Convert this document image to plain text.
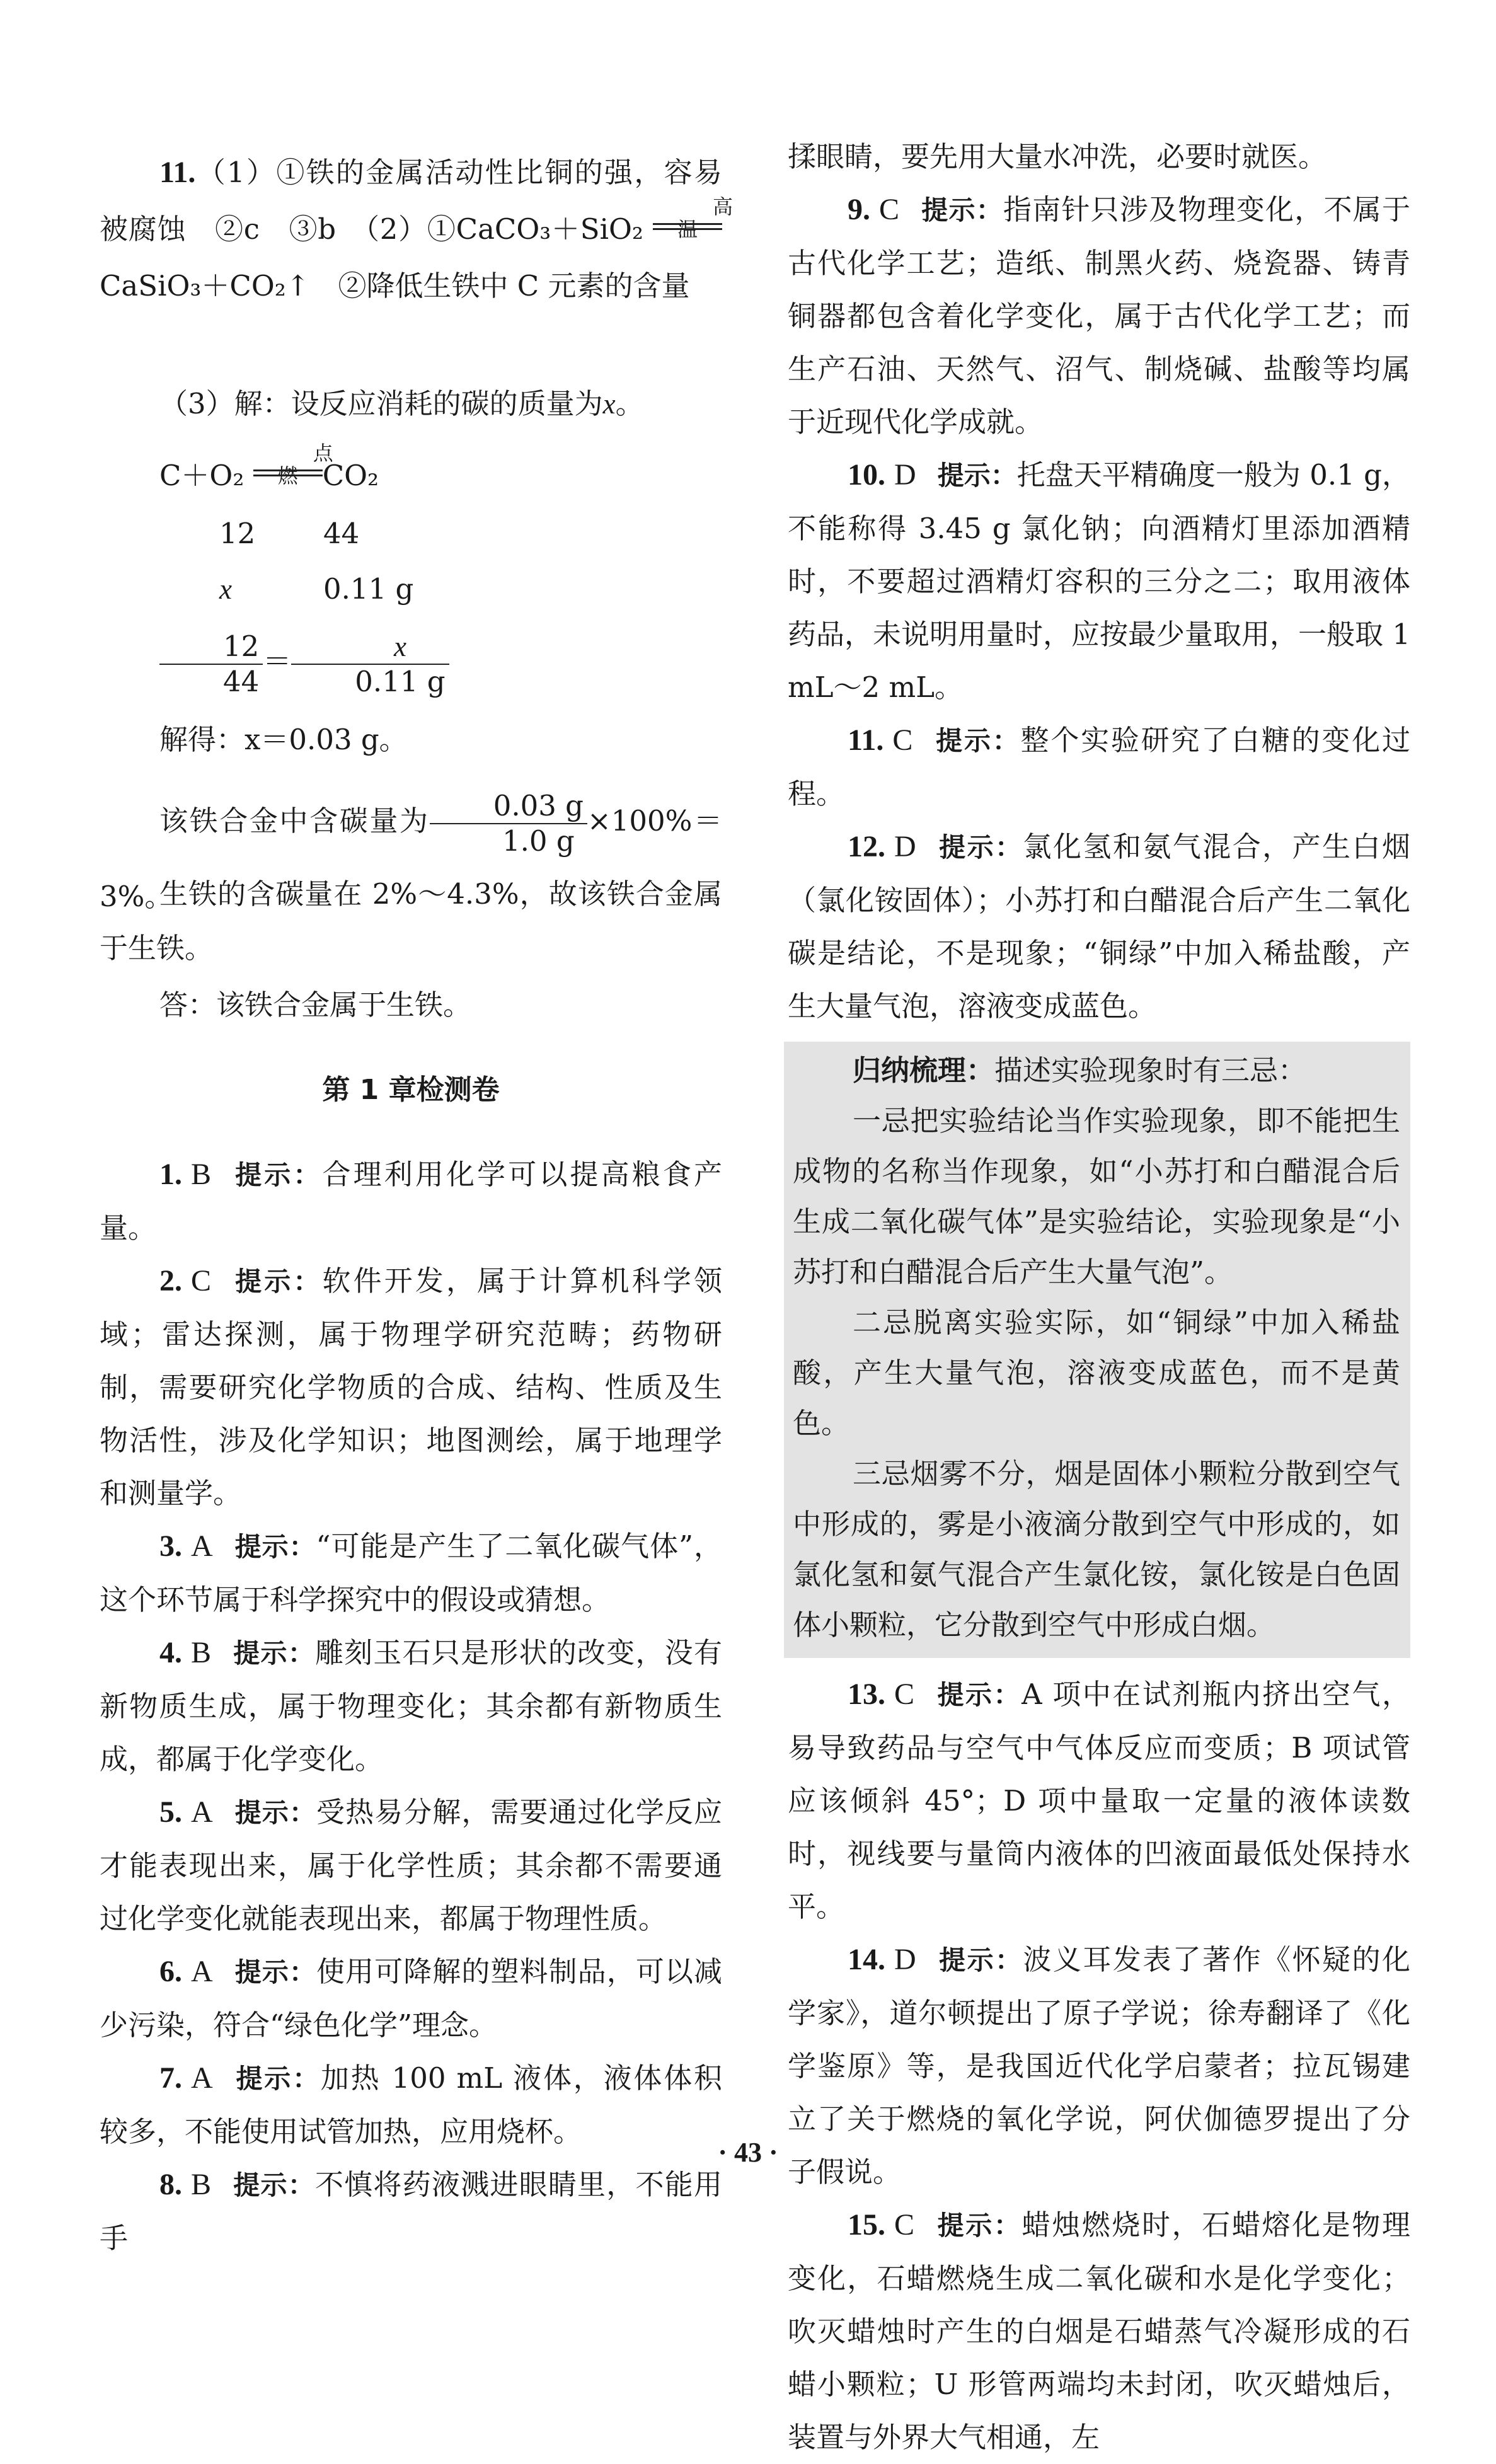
11.（1）①铁的金属活动性比铜的强，容易被腐蚀　②c　③b　（2）①CaCO₃＋SiO₂
高温
CaSiO₃＋CO₂↑　②降低生铁中 C 元素的含量

（3）解：设反应消耗的碳的质量为x。

C＋O₂
点燃 CO₂

12 44

x	0.11 g

$\frac{12}{44} = \frac{x}{0.11 g}$

解得：x＝0.03 g。

该铁合金中含碳量为 $\frac{0.03 g}{1.0 g} \times 100\%=3\%$。

生铁的含碳量在 2%～4.3%，故该铁合金属于生铁。

答：该铁合金属于生铁。

第 1 章检测卷

1. B 提示：合理利用化学可以提高粮食产量。

2. C 提示：软件开发，属于计算机科学领域；雷达探测，属于物理学研究范畴；药物研制，需要研究化学物质的合成、结构、性质及生物活性，涉及化学知识；地图测绘，属于地理学和测量学。

3. A 提示：“可能是产生了二氧化碳气体”，这个环节属于科学探究中的假设或猜想。

4. B 提示：雕刻玉石只是形状的改变，没有新物质生成，属于物理变化；其余都有新物质生成，都属于化学变化。

5. A 提示：受热易分解，需要通过化学反应才能表现出来，属于化学性质；其余都不需要通过化学变化就能表现出来，都属于物理性质。

6. A 提示：使用可降解的塑料制品，可以减少污染，符合“绿色化学”理念。

7. A 提示：加热 100 mL 液体，液体体积较多，不能使用试管加热，应用烧杯。

8. B 提示：不慎将药液溅进眼睛里，不能用手

揉眼睛，要先用大量水冲洗，必要时就医。

9. C 提示：指南针只涉及物理变化，不属于古代化学工艺；造纸、制黑火药、烧瓷器、铸青铜器都包含着化学变化，属于古代化学工艺；而生产石油、天然气、沼气、制烧碱、盐酸等均属于近现代化学成就。

10. D 提示：托盘天平精确度一般为 0.1 g，不能称得 3.45 g 氯化钠；向酒精灯里添加酒精时，不要超过酒精灯容积的三分之二；取用液体药品，未说明用量时，应按最少量取用，一般取 1 mL～2 mL。

11. C 提示：整个实验研究了白糖的变化过程。

12. D 提示：氯化氢和氨气混合，产生白烟（氯化铵固体）；小苏打和白醋混合后产生二氧化碳是结论，不是现象；“铜绿”中加入稀盐酸，产生大量气泡，溶液变成蓝色。

归纳梳理：描述实验现象时有三忌：

一忌把实验结论当作实验现象，即不能把生成物的名称当作现象，如“小苏打和白醋混合后生成二氧化碳气体”是实验结论，实验现象是“小苏打和白醋混合后产生大量气泡”。

二忌脱离实验实际，如“铜绿”中加入稀盐酸，产生大量气泡，溶液变成蓝色，而不是黄色。

三忌烟雾不分，烟是固体小颗粒分散到空气中形成的，雾是小液滴分散到空气中形成的，如氯化氢和氨气混合产生氯化铵，氯化铵是白色固体小颗粒，它分散到空气中形成白烟。

13. C 提示：A 项中在试剂瓶内挤出空气，易导致药品与空气中气体反应而变质；B 项试管应该倾斜 45°；D 项中量取一定量的液体读数时，视线要与量筒内液体的凹液面最低处保持水平。

14. D 提示：波义耳发表了著作《怀疑的化学家》，道尔顿提出了原子学说；徐寿翻译了《化学鉴原》等，是我国近代化学启蒙者；拉瓦锡建立了关于燃烧的氧化学说，阿伏伽德罗提出了分子假说。

15. C 提示：蜡烛燃烧时，石蜡熔化是物理变化，石蜡燃烧生成二氧化碳和水是化学变化；吹灭蜡烛时产生的白烟是石蜡蒸气冷凝形成的石蜡小颗粒；U 形管两端均未封闭，吹灭蜡烛后，装置与外界大气相通，左

· 43 ·
